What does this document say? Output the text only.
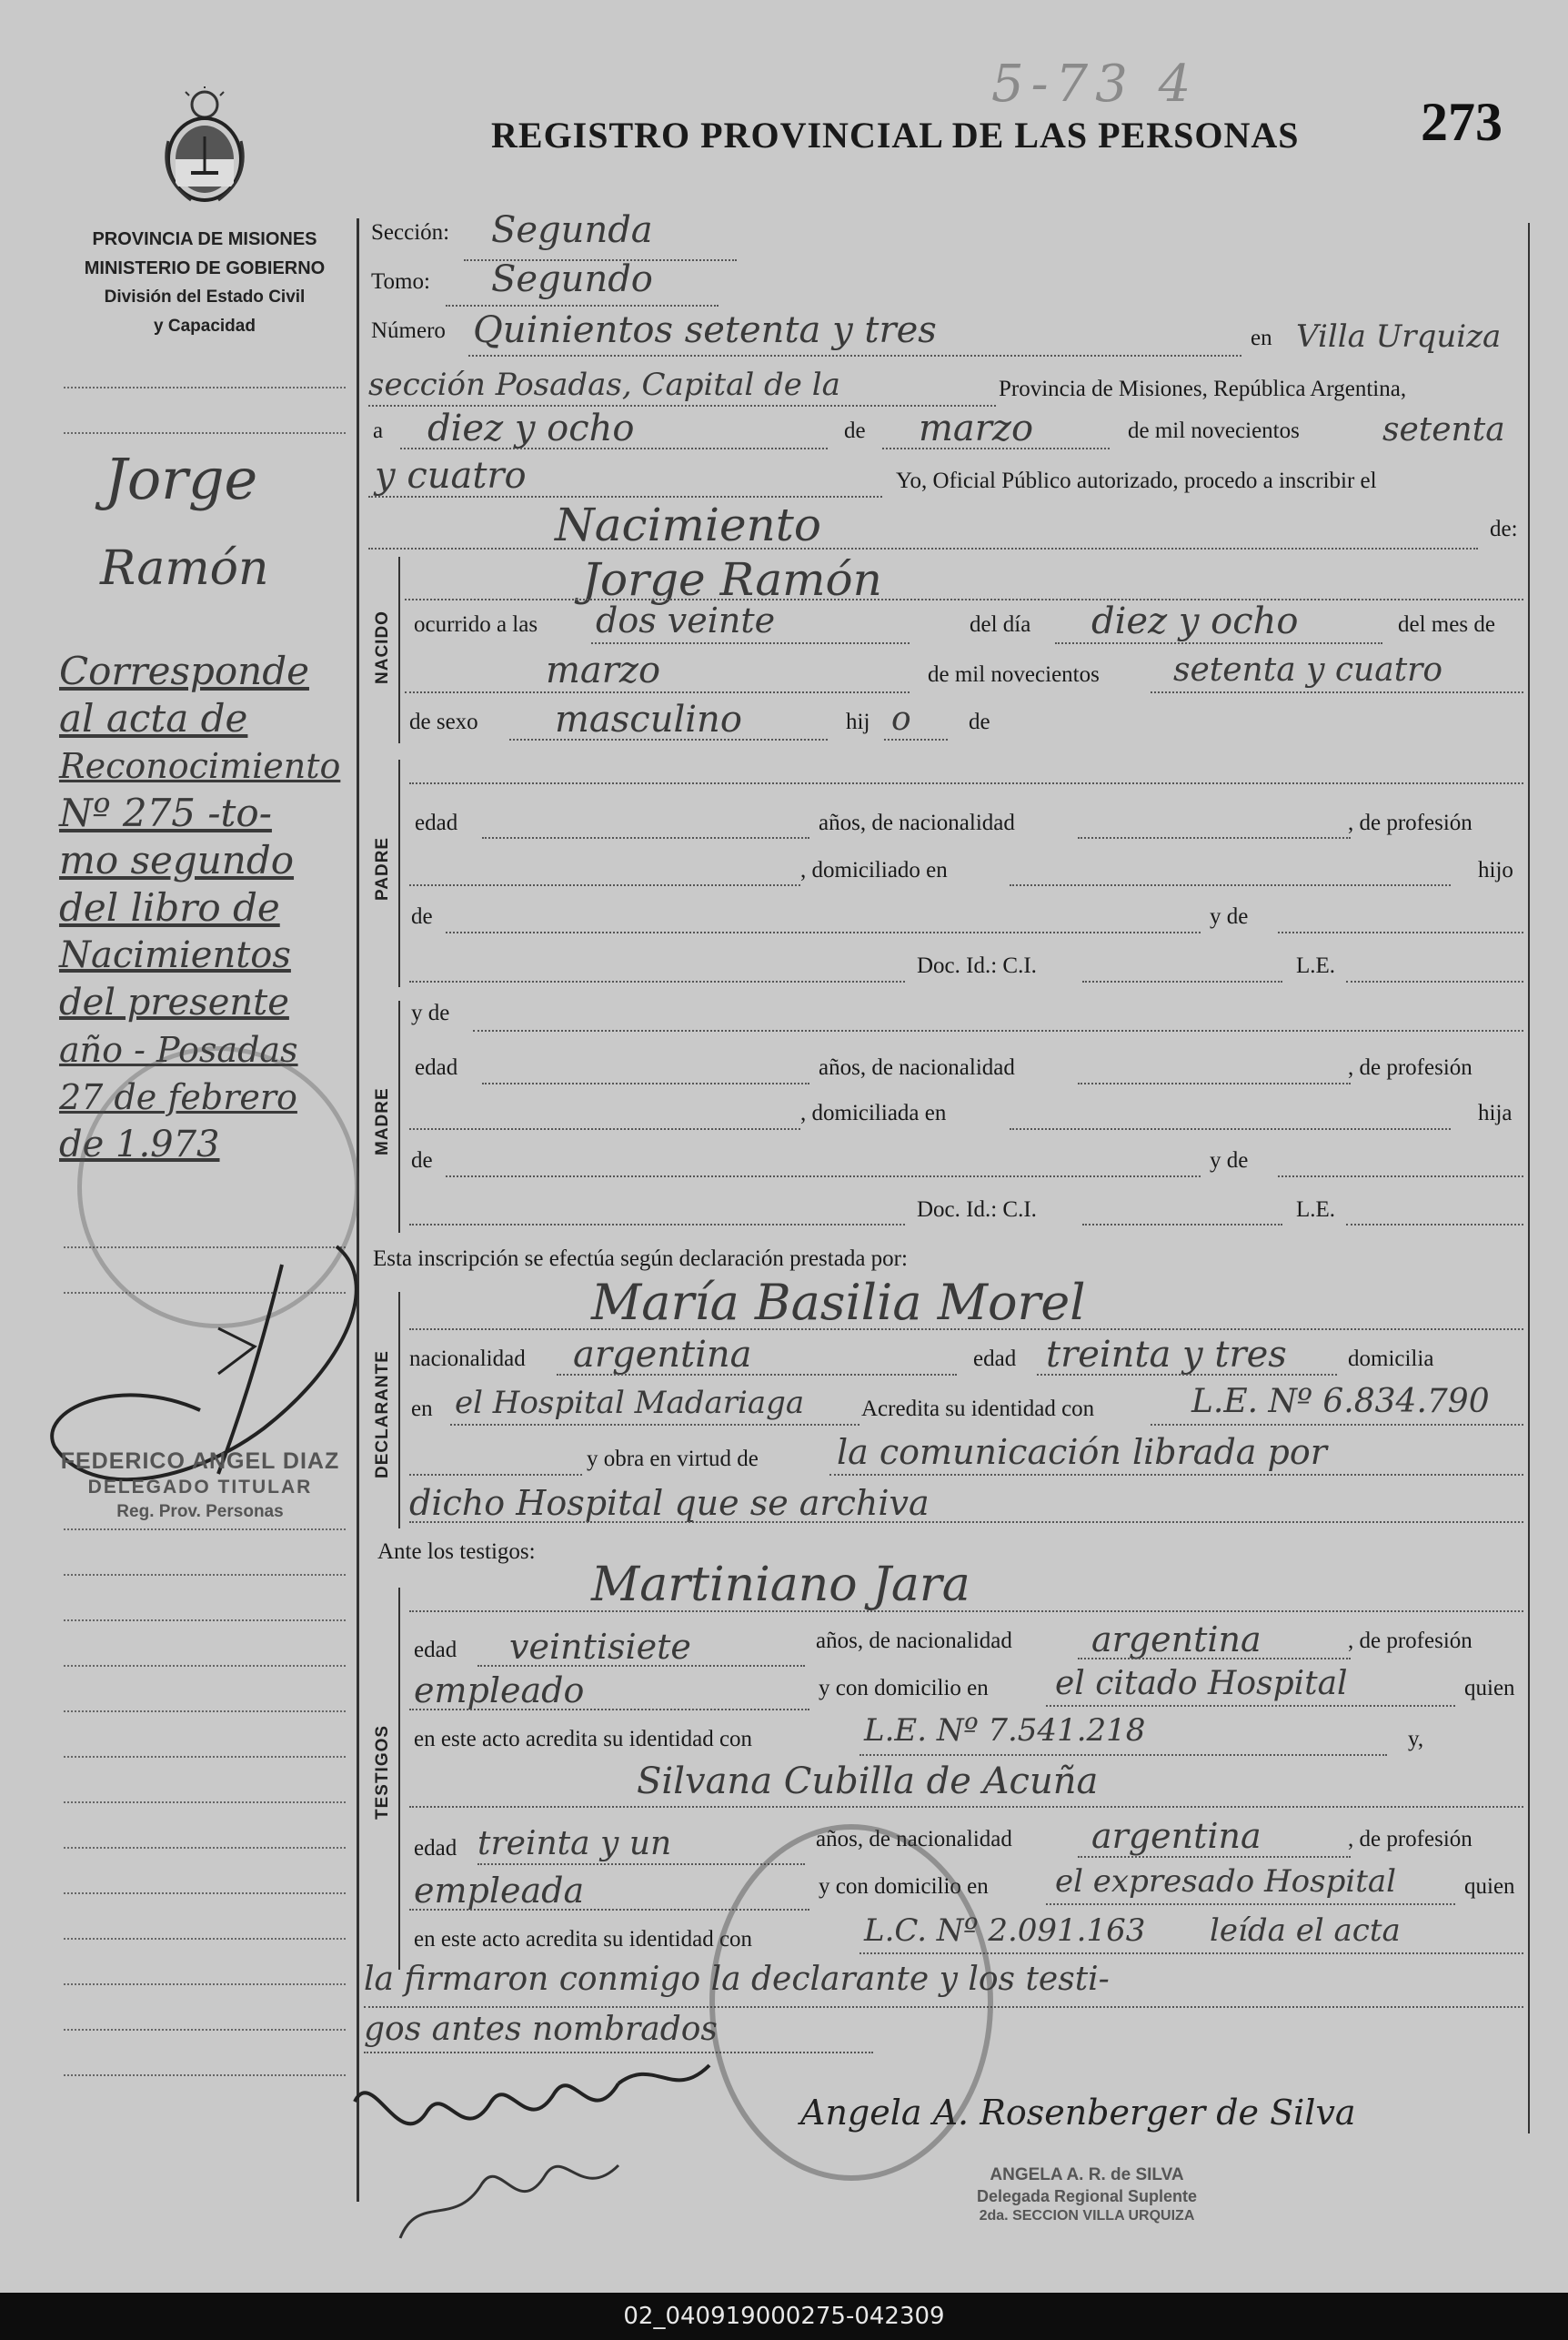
PROVINCIA DE MISIONES
MINISTERIO DE GOBIERNO
División del Estado Civil
y Capacidad
5-73 4
REGISTRO PROVINCIAL DE LAS PERSONAS 273
Jorge
Ramón
Corresponde
al acta de
Reconocimiento
Nº 275 -to-
mo segundo
del libro de
Nacimientos
del presente
año - Posadas
27 de febrero
de 1.973
FEDERICO ANGEL DIAZ
DELEGADO TITULAR
Reg. Prov. Personas
Sección: Segunda
Tomo: Segundo
Número Quinientos setenta y tres	en Villa Urquiza
sección Posadas, Capital de la	Provincia de Misiones, República Argentina,
a diez y ocho	de marzo	de mil novecientos	setenta
y cuatro	Yo, Oficial Público autorizado, procedo a inscribir el
Nacimiento	de:
NACIDO
Jorge Ramón
ocurrido a las dos veinte	del día diez y ocho	del mes de
marzo	de mil novecientos setenta y cuatro
de sexo masculino	hij o	de
PADRE
edad	años, de nacionalidad	, de profesión
, domiciliado en	hijo
de	y de
Doc. Id.: C.I.	L.E.
MADRE
y de
edad	años, de nacionalidad	, de profesión
, domiciliada en	hija
de	y de
Doc. Id.: C.I.	L.E.
Esta inscripción se efectúa según declaración prestada por:
DECLARANTE
María Basilia Morel
nacionalidad argentina	edad treinta y tres	domicilia
en el Hospital Madariaga	Acredita su identidad con	L.E. Nº 6.834.790
y obra en virtud de la comunicación librada por
dicho Hospital que se archiva
Ante los testigos:
TESTIGOS
Martiniano Jara
edad veintisiete	años, de nacionalidad argentina	, de profesión
empleado	y con domicilio en el citado Hospital	quien
en este acto acredita su identidad con	L.E. Nº 7.541.218	y,
Silvana Cubilla de Acuña
edad treinta y un	años, de nacionalidad argentina	, de profesión
empleada	y con domicilio en el expresado Hospital	quien
en este acto acredita su identidad con	L.C. Nº 2.091.163 leída el acta
la firmaron conmigo la declarante y los testi-
gos antes nombrados
Angela A. Rosenberger de Silva
ANGELA A. R. de SILVA
Delegada Regional Suplente
2da. SECCION VILLA URQUIZA
02_040919000275-042309
